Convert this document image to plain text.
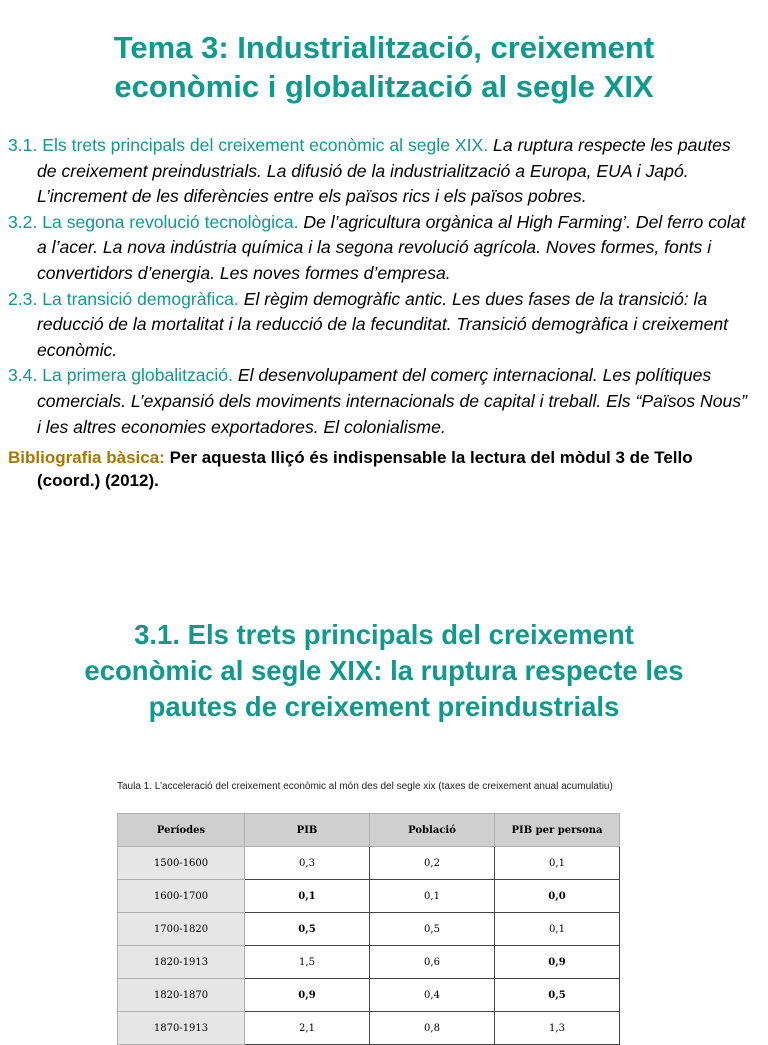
Tema 3: Industrialització, creixement
econòmic i globalització al segle XIX
3.1. Els trets principals del creixement econòmic al segle XIX. La ruptura respecte les pautes de creixement preindustrials. La difusió de la industrialització a Europa, EUA i Japó. L’increment de les diferències entre els països rics i els països pobres.
3.2. La segona revolució tecnològica. De l’agricultura orgànica al High Farming’. Del ferro colat a l’acer. La nova indústria química i la segona revolució agrícola. Noves formes, fonts i convertidors d’energia. Les noves formes d’empresa.
2.3. La transició demogràfica. El règim demogràfic antic. Les dues fases de la transició: la reducció de la mortalitat i la reducció de la fecunditat. Transició demogràfica i creixement econòmic.
3.4. La primera globalització. El desenvolupament del comerç internacional. Les polítiques comercials. L’expansió dels moviments internacionals de capital i treball. Els “Països Nous” i les altres economies exportadores. El colonialisme.
Bibliografia bàsica: Per aquesta lliçó és indispensable la lectura del mòdul 3 de Tello (coord.) (2012).
3.1. Els trets principals del creixement
econòmic al segle XIX: la ruptura respecte les
pautes de creixement preindustrials
Taula 1. L’acceleració del creixement econòmic al món des del segle xix (taxes de creixement anual acumulatiu)
Períodes	PIB	Població	PIB per persona
1500-1600	0,3	0,2	0,1
1600-1700	0,1	0,1	0,0
1700-1820	0,5	0,5	0,1
1820-1913	1,5	0,6	0,9
1820-1870	0,9	0,4	0,5
1870-1913	2,1	0,8	1,3
